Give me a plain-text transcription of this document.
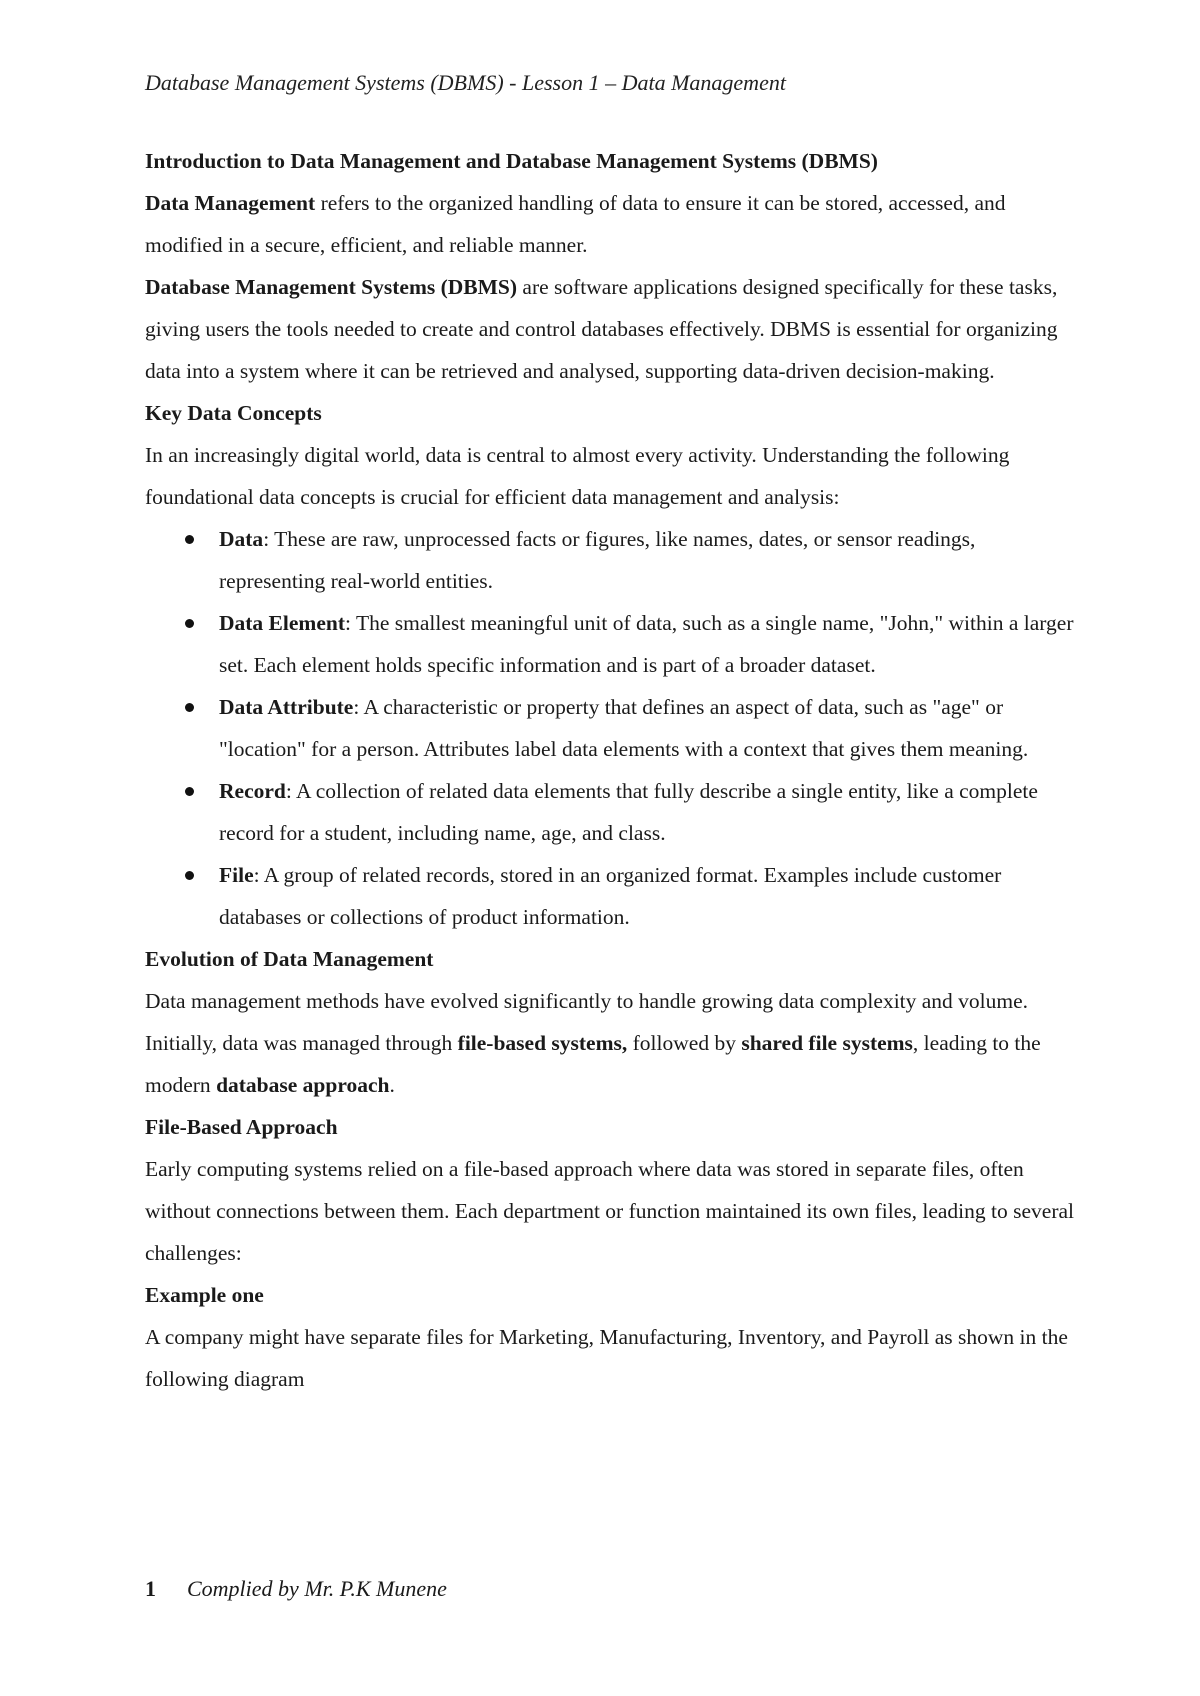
Database Management Systems (DBMS) - Lesson 1 – Data Management

Introduction to Data Management and Database Management Systems (DBMS)

Data Management refers to the organized handling of data to ensure it can be stored, accessed, and modified in a secure, efficient, and reliable manner.

Database Management Systems (DBMS) are software applications designed specifically for these tasks, giving users the tools needed to create and control databases effectively. DBMS is essential for organizing data into a system where it can be retrieved and analysed, supporting data-driven decision-making.

Key Data Concepts

In an increasingly digital world, data is central to almost every activity. Understanding the following foundational data concepts is crucial for efficient data management and analysis:

Data: These are raw, unprocessed facts or figures, like names, dates, or sensor readings, representing real-world entities.
Data Element: The smallest meaningful unit of data, such as a single name, "John," within a larger set. Each element holds specific information and is part of a broader dataset.
Data Attribute: A characteristic or property that defines an aspect of data, such as "age" or "location" for a person. Attributes label data elements with a context that gives them meaning.
Record: A collection of related data elements that fully describe a single entity, like a complete record for a student, including name, age, and class.
File: A group of related records, stored in an organized format. Examples include customer databases or collections of product information.

Evolution of Data Management

Data management methods have evolved significantly to handle growing data complexity and volume. Initially, data was managed through file-based systems, followed by shared file systems, leading to the modern database approach.

File-Based Approach

Early computing systems relied on a file-based approach where data was stored in separate files, often without connections between them. Each department or function maintained its own files, leading to several challenges:

Example one

A company might have separate files for Marketing, Manufacturing, Inventory, and Payroll as shown in the following diagram

1 Complied by Mr. P.K Munene
